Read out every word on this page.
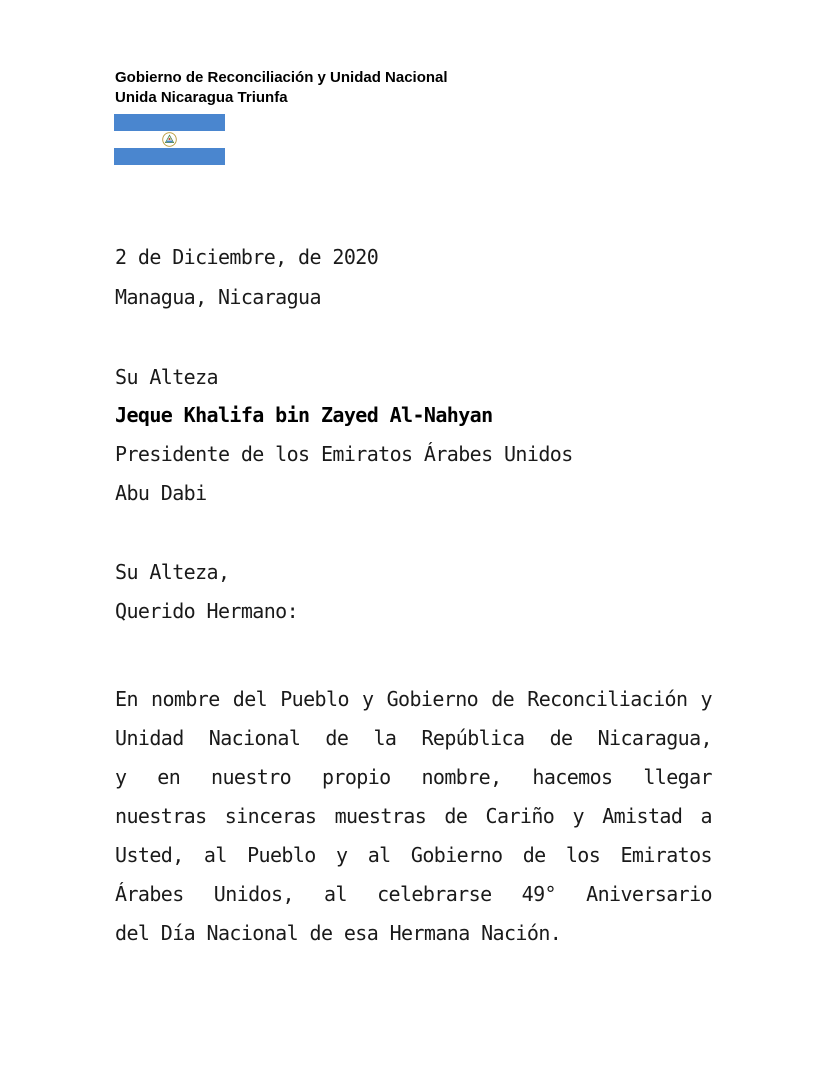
Gobierno de Reconciliación y Unidad Nacional
Unida Nicaragua Triunfa
2 de Diciembre, de 2020
Managua, Nicaragua
Su Alteza
Jeque Khalifa bin Zayed Al-Nahyan
Presidente de los Emiratos Árabes Unidos
Abu Dabi
Su Alteza,
Querido Hermano:
En nombre del Pueblo y Gobierno de Reconciliación y
Unidad Nacional de la República de Nicaragua,
y en nuestro propio nombre, hacemos llegar
nuestras sinceras muestras de Cariño y Amistad a
Usted, al Pueblo y al Gobierno de los Emiratos
Árabes Unidos, al celebrarse 49° Aniversario
del Día Nacional de esa Hermana Nación.
